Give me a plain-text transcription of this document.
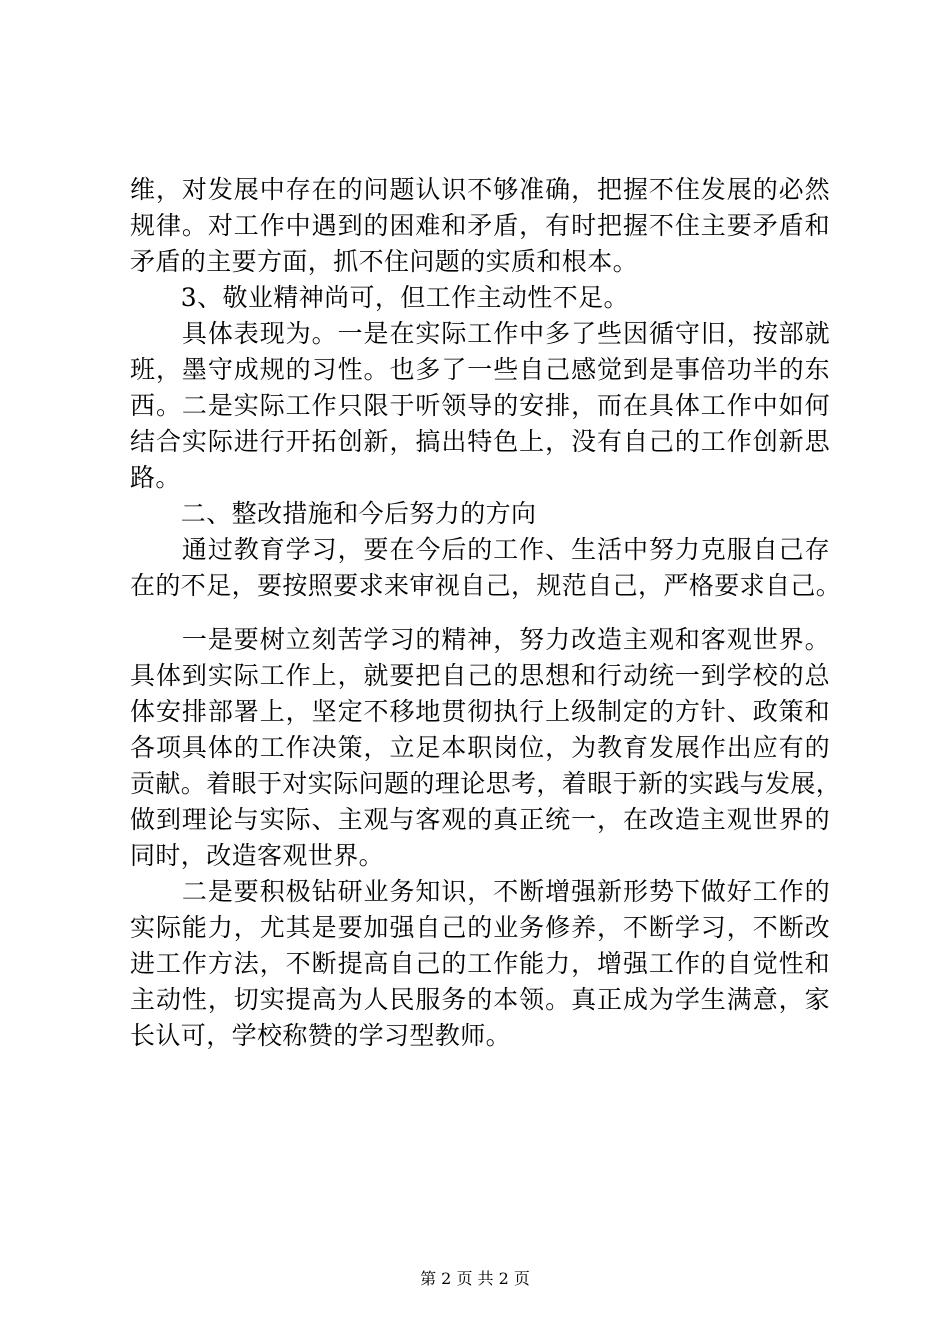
维，对发展中存在的问题认识不够准确，把握不住发展的必然
规律。对工作中遇到的困难和矛盾，有时把握不住主要矛盾和
矛盾的主要方面，抓不住问题的实质和根本。
　　3、敬业精神尚可，但工作主动性不足。
　　具体表现为。一是在实际工作中多了些因循守旧，按部就
班，墨守成规的习性。也多了一些自己感觉到是事倍功半的东
西。二是实际工作只限于听领导的安排，而在具体工作中如何
结合实际进行开拓创新，搞出特色上，没有自己的工作创新思
路。
　　二、整改措施和今后努力的方向
　　通过教育学习，要在今后的工作、生活中努力克服自己存
在的不足，要按照要求来审视自己，规范自己，严格要求自己。
　　一是要树立刻苦学习的精神，努力改造主观和客观世界。
具体到实际工作上，就要把自己的思想和行动统一到学校的总
体安排部署上，坚定不移地贯彻执行上级制定的方针、政策和
各项具体的工作决策，立足本职岗位，为教育发展作出应有的
贡献。着眼于对实际问题的理论思考，着眼于新的实践与发展，
做到理论与实际、主观与客观的真正统一，在改造主观世界的
同时，改造客观世界。
　　二是要积极钻研业务知识，不断增强新形势下做好工作的
实际能力，尤其是要加强自己的业务修养，不断学习，不断改
进工作方法，不断提高自己的工作能力，增强工作的自觉性和
主动性，切实提高为人民服务的本领。真正成为学生满意，家
长认可，学校称赞的学习型教师。
第 2 页 共 2 页
